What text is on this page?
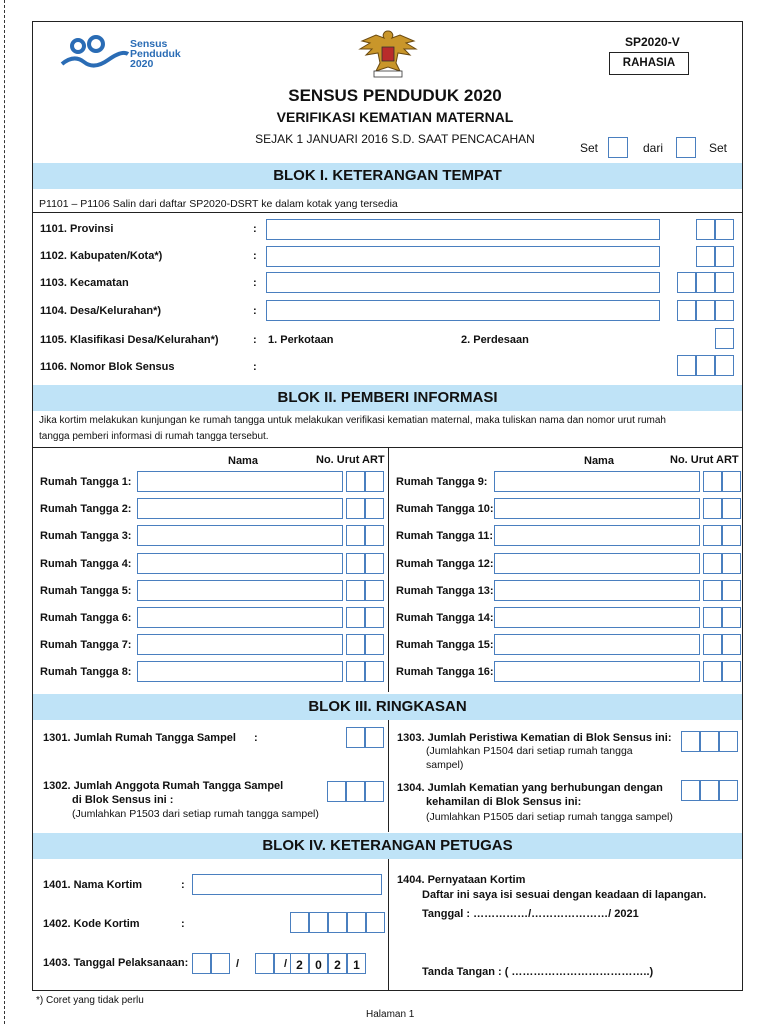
Sensus
Penduduk
2020
SP2020-V
RAHASIA
SENSUS PENDUDUK 2020
VERIFIKASI KEMATIAN MATERNAL
SEJAK 1 JANUARI 2016 S.D. SAAT PENCACAHAN
Set	dari	Set
BLOK I. KETERANGAN TEMPAT
P1101 – P1106 Salin dari daftar SP2020-DSRT ke dalam kotak yang tersedia
1101. Provinsi	:
1102. Kabupaten/Kota*)	:
1103. Kecamatan	:
1104. Desa/Kelurahan*)	:
1105. Klasifikasi Desa/Kelurahan*)	: 1. Perkotaan	2. Perdesaan
1106. Nomor Blok Sensus	:
BLOK II. PEMBERI INFORMASI
Jika kortim melakukan kunjungan ke rumah tangga untuk melakukan verifikasi kematian maternal, maka tuliskan nama dan nomor urut rumah
tangga pemberi informasi di rumah tangga tersebut.
Nama	No. Urut ART	Nama	No. Urut ART
Rumah Tangga 1:
Rumah Tangga 2:
Rumah Tangga 3:
Rumah Tangga 4:
Rumah Tangga 5:
Rumah Tangga 6:
Rumah Tangga 7:
Rumah Tangga 8:
Rumah Tangga 9:
Rumah Tangga 10:
Rumah Tangga 11:
Rumah Tangga 12:
Rumah Tangga 13:
Rumah Tangga 14:
Rumah Tangga 15:
Rumah Tangga 16:
BLOK III. RINGKASAN
1301. Jumlah Rumah Tangga Sampel :
1302. Jumlah Anggota Rumah Tangga Sampel
di Blok Sensus ini :
(Jumlahkan P1503 dari setiap rumah tangga sampel)
1303. Jumlah Peristiwa Kematian di Blok Sensus ini:
(Jumlahkan P1504 dari setiap rumah tangga
sampel)
1304. Jumlah Kematian yang berhubungan dengan
kehamilan di Blok Sensus ini:
(Jumlahkan P1505 dari setiap rumah tangga sampel)
BLOK IV. KETERANGAN PETUGAS
1401. Nama Kortim	:
1402. Kode Kortim	:
1403. Tanggal Pelaksanaan:	/	/ 2	0	2	1
1404. Pernyataan Kortim
Daftar ini saya isi sesuai dengan keadaan di lapangan.
Tanggal : ……………/…………………/ 2021
Tanda Tangan : ( ………………………………..)
*) Coret yang tidak perlu
Halaman 1
